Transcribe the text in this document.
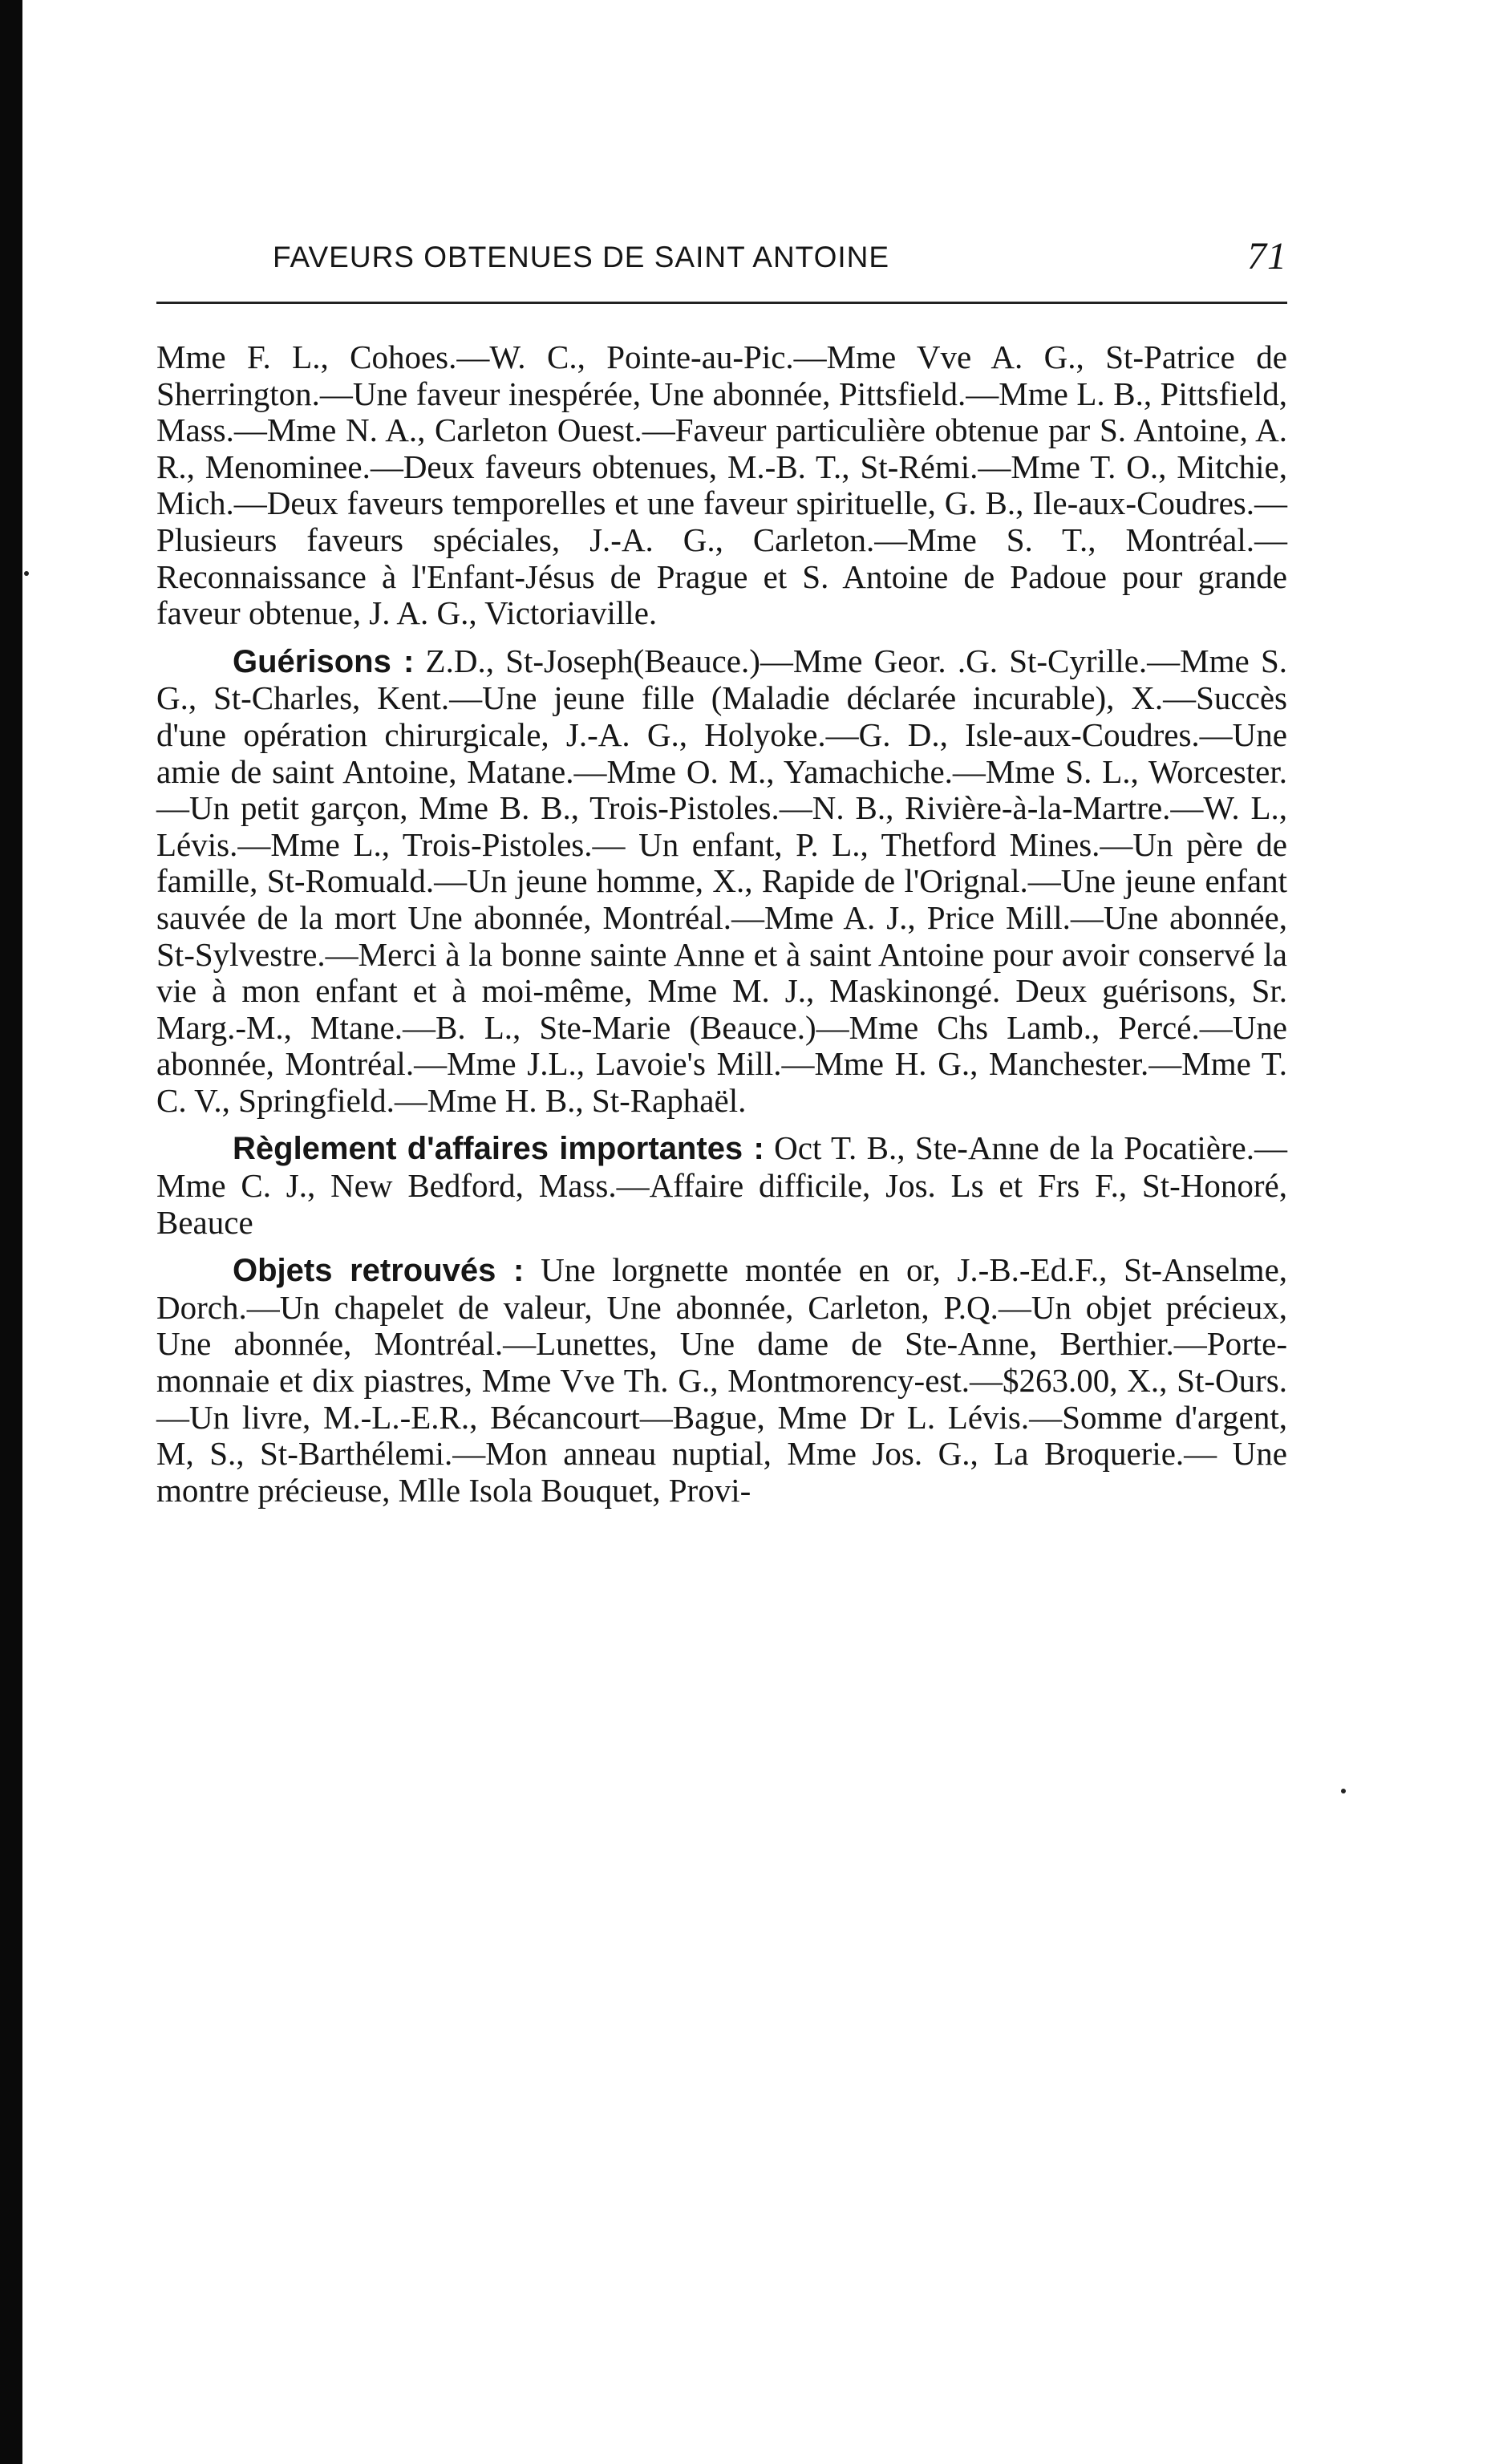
FAVEURS OBTENUES DE SAINT ANTOINE	71

Mme F. L., Cohoes.—W. C., Pointe-au-Pic.—Mme Vve A. G., St-Patrice de Sherrington.—Une faveur inespérée, Une abonnée, Pittsfield.—Mme L. B., Pittsfield, Mass.—Mme N. A., Carleton Ouest.—Faveur particulière obtenue par S. Antoine, A. R., Menominee.—Deux faveurs obtenues, M.-B. T., St-Rémi.—Mme T. O., Mitchie, Mich.—Deux faveurs temporelles et une faveur spirituelle, G. B., Ile-aux-Coudres.—Plusieurs faveurs spéciales, J.-A. G., Carleton.—Mme S. T., Montréal.—Reconnaissance à l'Enfant-Jésus de Prague et S. Antoine de Padoue pour grande faveur obtenue, J. A. G., Victoriaville.

Guérisons : Z.D., St-Joseph(Beauce.)—Mme Geor. .G. St-Cyrille.—Mme S. G., St-Charles, Kent.—Une jeune fille (Maladie déclarée incurable), X.—Succès d'une opération chirurgicale, J.-A. G., Holyoke.—G. D., Isle-aux-Coudres.—Une amie de saint Antoine, Matane.—Mme O. M., Yamachiche.—Mme S. L., Worcester.—Un petit garçon, Mme B. B., Trois-Pistoles.—N. B., Rivière-à-la-Martre.—W. L., Lévis.—Mme L., Trois-Pistoles.— Un enfant, P. L., Thetford Mines.—Un père de famille, St-Romuald.—Un jeune homme, X., Rapide de l'Orignal.—Une jeune enfant sauvée de la mort Une abonnée, Montréal.—Mme A. J., Price Mill.—Une abonnée, St-Sylvestre.—Merci à la bonne sainte Anne et à saint Antoine pour avoir conservé la vie à mon enfant et à moi-même, Mme M. J., Maskinongé. Deux guérisons, Sr. Marg.-M., Mtane.—B. L., Ste-Marie (Beauce.)—Mme Chs Lamb., Percé.—Une abonnée, Montréal.—Mme J.L., Lavoie's Mill.—Mme H. G., Manchester.—Mme T. C. V., Springfield.—Mme H. B., St-Raphaël.

Règlement d'affaires importantes : Oct T. B., Ste-Anne de la Pocatière.—Mme C. J., New Bedford, Mass.—Affaire difficile, Jos. Ls et Frs F., St-Honoré, Beauce

Objets retrouvés : Une lorgnette montée en or, J.-B.-Ed.F., St-Anselme, Dorch.—Un chapelet de valeur, Une abonnée, Carleton, P.Q.—Un objet précieux, Une abonnée, Montréal.—Lunettes, Une dame de Ste-Anne, Berthier.—Porte-monnaie et dix piastres, Mme Vve Th. G., Montmorency-est.—$263.00, X., St-Ours.—Un livre, M.-L.-E.R., Bécancourt—Bague, Mme Dr L. Lévis.—Somme d'argent, M, S., St-Barthélemi.—Mon anneau nuptial, Mme Jos. G., La Broquerie.— Une montre précieuse, Mlle Isola Bouquet, Provi-
